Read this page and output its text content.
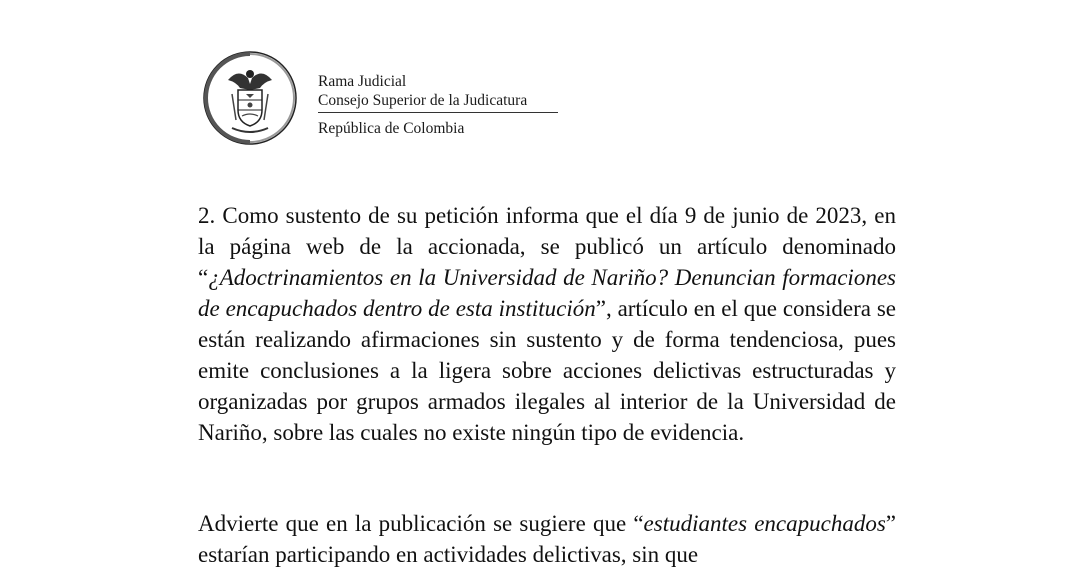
Rama Judicial
Consejo Superior de la Judicatura
República de Colombia
2. Como sustento de su petición informa que el día 9 de junio de 2023, en la página web de la accionada, se publicó un artículo denominado “¿Adoctrinamientos en la Universidad de Nariño? Denuncian formaciones de encapuchados dentro de esta institución”, artículo en el que considera se están realizando afirmaciones sin sustento y de forma tendenciosa, pues emite conclusiones a la ligera sobre acciones delictivas estructuradas y organizadas por grupos armados ilegales al interior de la Universidad de Nariño, sobre las cuales no existe ningún tipo de evidencia.
Advierte que en la publicación se sugiere que “estudiantes encapuchados” estarían participando en actividades delictivas, sin que
